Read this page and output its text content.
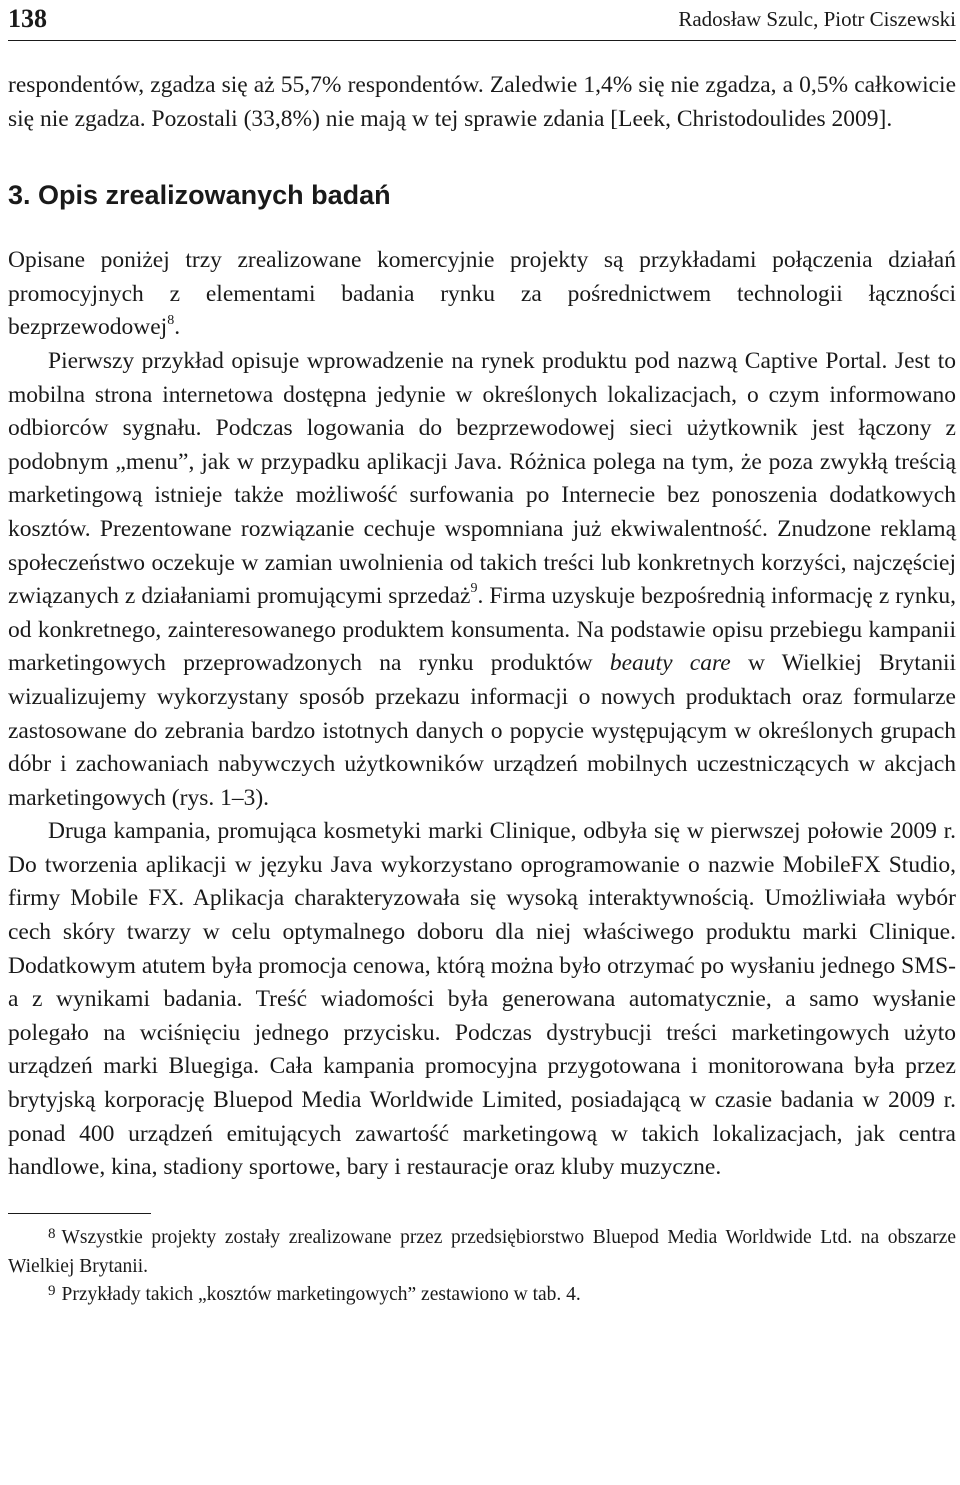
138	Radosław Szulc, Piotr Ciszewski

respondentów, zgadza się aż 55,7% respondentów. Zaledwie 1,4% się nie zgadza, a 0,5% całkowicie się nie zgadza. Pozostali (33,8%) nie mają w tej sprawie zdania [Leek, Christodoulides 2009].

3. Opis zrealizowanych badań

Opisane poniżej trzy zrealizowane komercyjnie projekty są przykładami połączenia działań promocyjnych z elementami badania rynku za pośrednictwem technologii łączności bezprzewodowej$^8$.

Pierwszy przykład opisuje wprowadzenie na rynek produktu pod nazwą Captive Portal. Jest to mobilna strona internetowa dostępna jedynie w określonych lokalizacjach, o czym informowano odbiorców sygnału. Podczas logowania do bezprzewodowej sieci użytkownik jest łączony z podobnym „menu”, jak w przypadku aplikacji Java. Różnica polega na tym, że poza zwykłą treścią marketingową istnieje także możliwość surfowania po Internecie bez ponoszenia dodatkowych kosztów. Prezentowane rozwiązanie cechuje wspomniana już ekwiwalentność. Znudzone reklamą społeczeństwo oczekuje w zamian uwolnienia od takich treści lub konkretnych korzyści, najczęściej związanych z działaniami promującymi sprzedaż$^9$. Firma uzyskuje bezpośrednią informację z rynku, od konkretnego, zainteresowanego produktem konsumenta. Na podstawie opisu przebiegu kampanii marketingowych przeprowadzonych na rynku produktów beauty care w Wielkiej Brytanii wizualizujemy wykorzystany sposób przekazu informacji o nowych produktach oraz formularze zastosowane do zebrania bardzo istotnych danych o popycie występującym w określonych grupach dóbr i zachowaniach nabywczych użytkowników urządzeń mobilnych uczestniczących w akcjach marketingowych (rys. 1–3).

Druga kampania, promująca kosmetyki marki Clinique, odbyła się w pierwszej połowie 2009 r. Do tworzenia aplikacji w języku Java wykorzystano oprogramowanie o nazwie MobileFX Studio, firmy Mobile FX. Aplikacja charakteryzowała się wysoką interaktywnością. Umożliwiała wybór cech skóry twarzy w celu optymalnego doboru dla niej właściwego produktu marki Clinique. Dodatkowym atutem była promocja cenowa, którą można było otrzymać po wysłaniu jednego SMS-a z wynikami badania. Treść wiadomości była generowana automatycznie, a samo wysłanie polegało na wciśnięciu jednego przycisku. Podczas dystrybucji treści marketingowych użyto urządzeń marki Bluegiga. Cała kampania promocyjna przygotowana i monitorowana była przez brytyjską korporację Bluepod Media Worldwide Limited, posiadającą w czasie badania w 2009 r. ponad 400 urządzeń emitujących zawartość marketingową w takich lokalizacjach, jak centra handlowe, kina, stadiony sportowe, bary i restauracje oraz kluby muzyczne.

$^8$ Wszystkie projekty zostały zrealizowane przez przedsiębiorstwo Bluepod Media Worldwide Ltd. na obszarze Wielkiej Brytanii.

$^9$ Przykłady takich „kosztów marketingowych” zestawiono w tab. 4.
